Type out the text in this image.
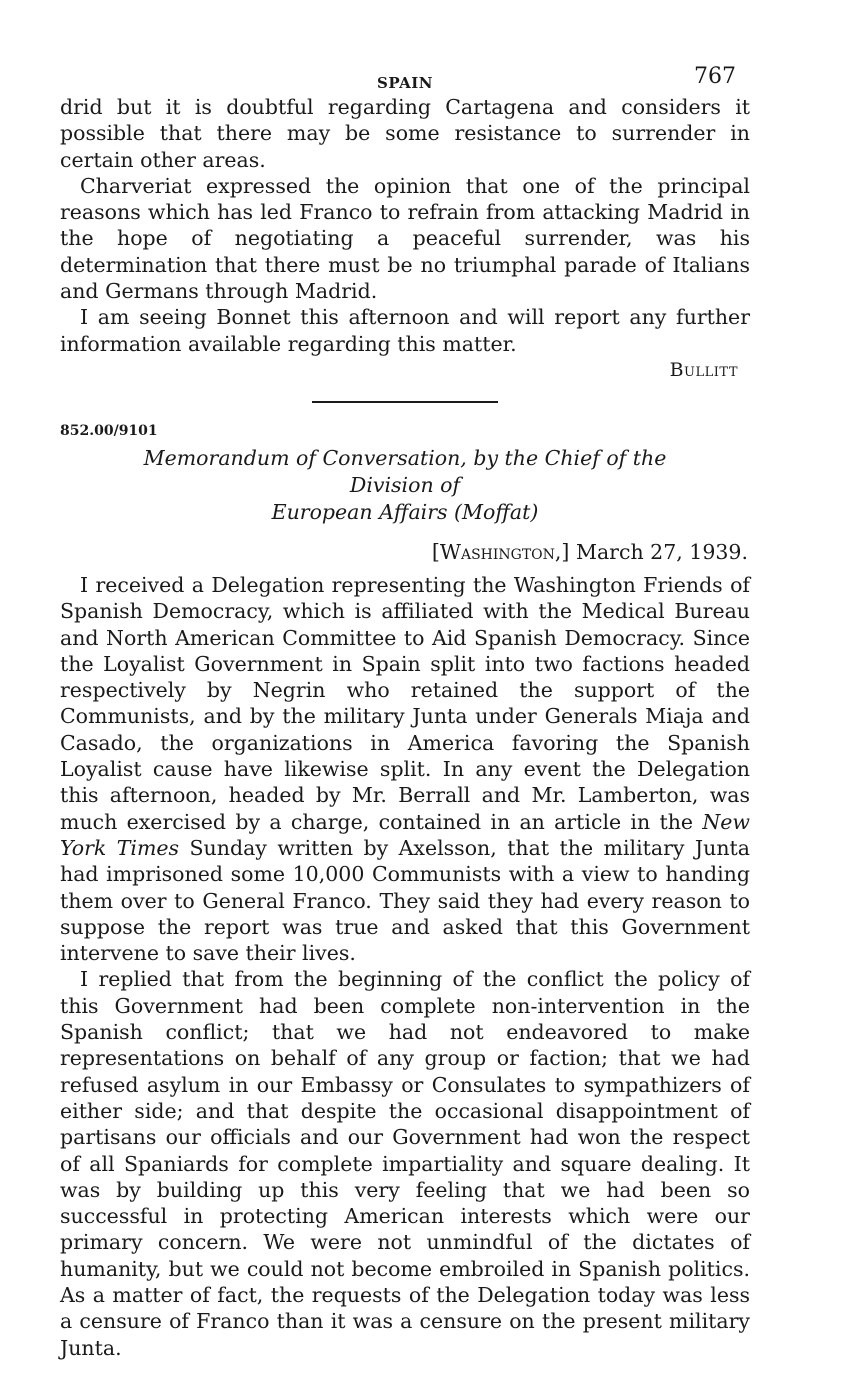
SPAIN	767

drid but it is doubtful regarding Cartagena and considers it possible that there may be some resistance to surrender in certain other areas.

Charveriat expressed the opinion that one of the principal reasons which has led Franco to refrain from attacking Madrid in the hope of negotiating a peaceful surrender, was his determination that there must be no triumphal parade of Italians and Germans through Madrid.

I am seeing Bonnet this afternoon and will report any further information available regarding this matter.

Bullitt
852.00/9101
Memorandum of Conversation, by the Chief of the Division of
European Affairs (Moffat)
[Washington,] March 27, 1939.

I received a Delegation representing the Washington Friends of Spanish Democracy, which is affiliated with the Medical Bureau and North American Committee to Aid Spanish Democracy. Since the Loyalist Government in Spain split into two factions headed respectively by Negrin who retained the support of the Communists, and by the military Junta under Generals Miaja and Casado, the organizations in America favoring the Spanish Loyalist cause have likewise split. In any event the Delegation this afternoon, headed by Mr. Berrall and Mr. Lamberton, was much exercised by a charge, contained in an article in the New York Times Sunday written by Axelsson, that the military Junta had imprisoned some 10,000 Communists with a view to handing them over to General Franco. They said they had every reason to suppose the report was true and asked that this Government intervene to save their lives.

I replied that from the beginning of the conflict the policy of this Government had been complete non-intervention in the Spanish conflict; that we had not endeavored to make representations on behalf of any group or faction; that we had refused asylum in our Embassy or Consulates to sympathizers of either side; and that despite the occasional disappointment of partisans our officials and our Government had won the respect of all Spaniards for complete impartiality and square dealing. It was by building up this very feeling that we had been so successful in protecting American interests which were our primary concern. We were not unmindful of the dictates of humanity, but we could not become embroiled in Spanish politics. As a matter of fact, the requests of the Delegation today was less a censure of Franco than it was a censure on the present military Junta.
